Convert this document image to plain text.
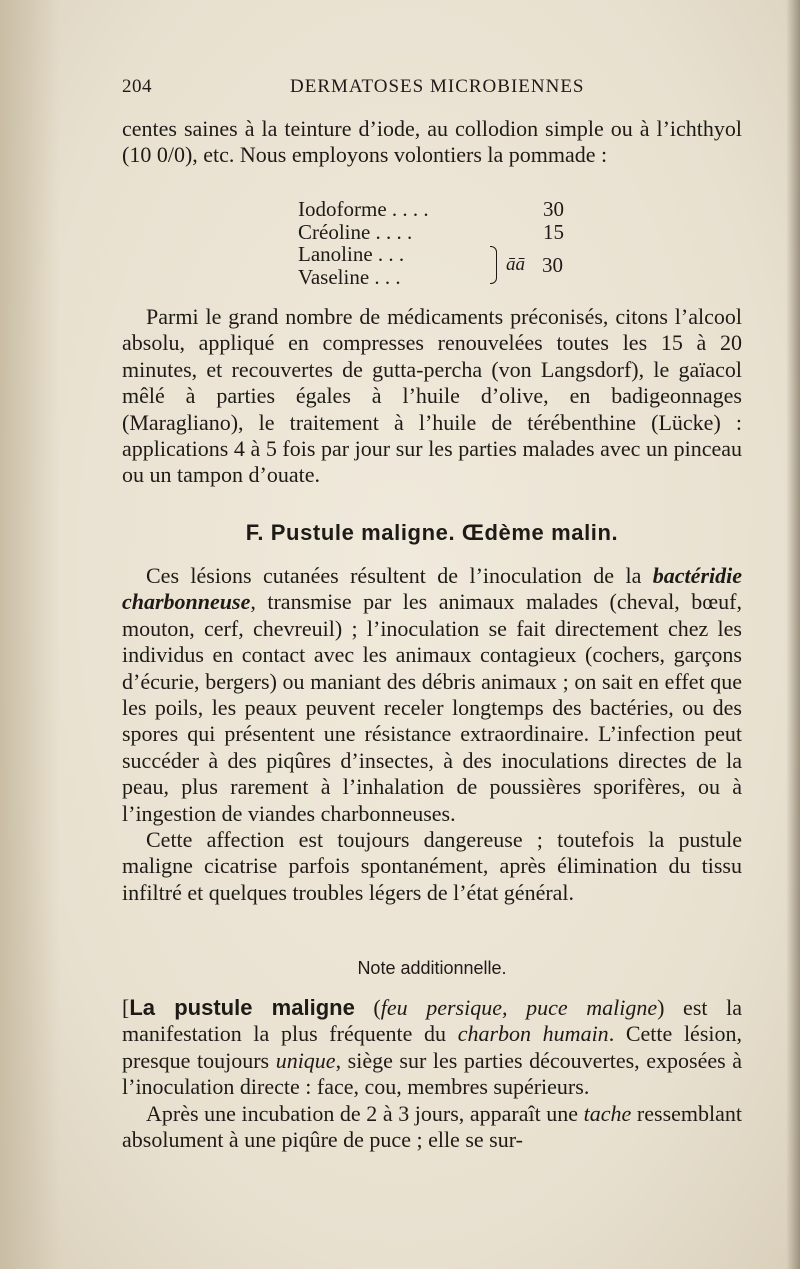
204	DERMATOSES MICROBIENNES

centes saines à la teinture d’iode, au collodion simple ou à l’ichthyol (10 0/0), etc. Nous employons volontiers la pommade :

Iodoforme . . . .	30
Créoline . . . .	15
Lanoline . . .
Vaseline . . .	āā 30

Parmi le grand nombre de médicaments préconisés, citons l’alcool absolu, appliqué en compresses renouvelées toutes les 15 à 20 minutes, et recouvertes de gutta-percha (von Langsdorf), le gaïacol mêlé à parties égales à l’huile d’olive, en badigeonnages (Maragliano), le traitement à l’huile de térébenthine (Lücke) : applications 4 à 5 fois par jour sur les parties malades avec un pinceau ou un tampon d’ouate.

F. Pustule maligne. Œdème malin.

Ces lésions cutanées résultent de l’inoculation de la bactéridie charbonneuse, transmise par les animaux malades (cheval, bœuf, mouton, cerf, chevreuil) ; l’inoculation se fait directement chez les individus en contact avec les animaux contagieux (cochers, garçons d’écurie, bergers) ou maniant des débris animaux ; on sait en effet que les poils, les peaux peuvent receler longtemps des bactéries, ou des spores qui présentent une résistance extraordinaire. L’infection peut succéder à des piqûres d’insectes, à des inoculations directes de la peau, plus rarement à l’inhalation de poussières sporifères, ou à l’ingestion de viandes charbonneuses.

Cette affection est toujours dangereuse ; toutefois la pustule maligne cicatrise parfois spontanément, après élimination du tissu infiltré et quelques troubles légers de l’état général.

Note additionnelle.

[La pustule maligne (feu persique, puce maligne) est la manifestation la plus fréquente du charbon humain. Cette lésion, presque toujours unique, siège sur les parties découvertes, exposées à l’inoculation directe : face, cou, membres supérieurs.

Après une incubation de 2 à 3 jours, apparaît une tache ressemblant absolument à une piqûre de puce ; elle se sur-
